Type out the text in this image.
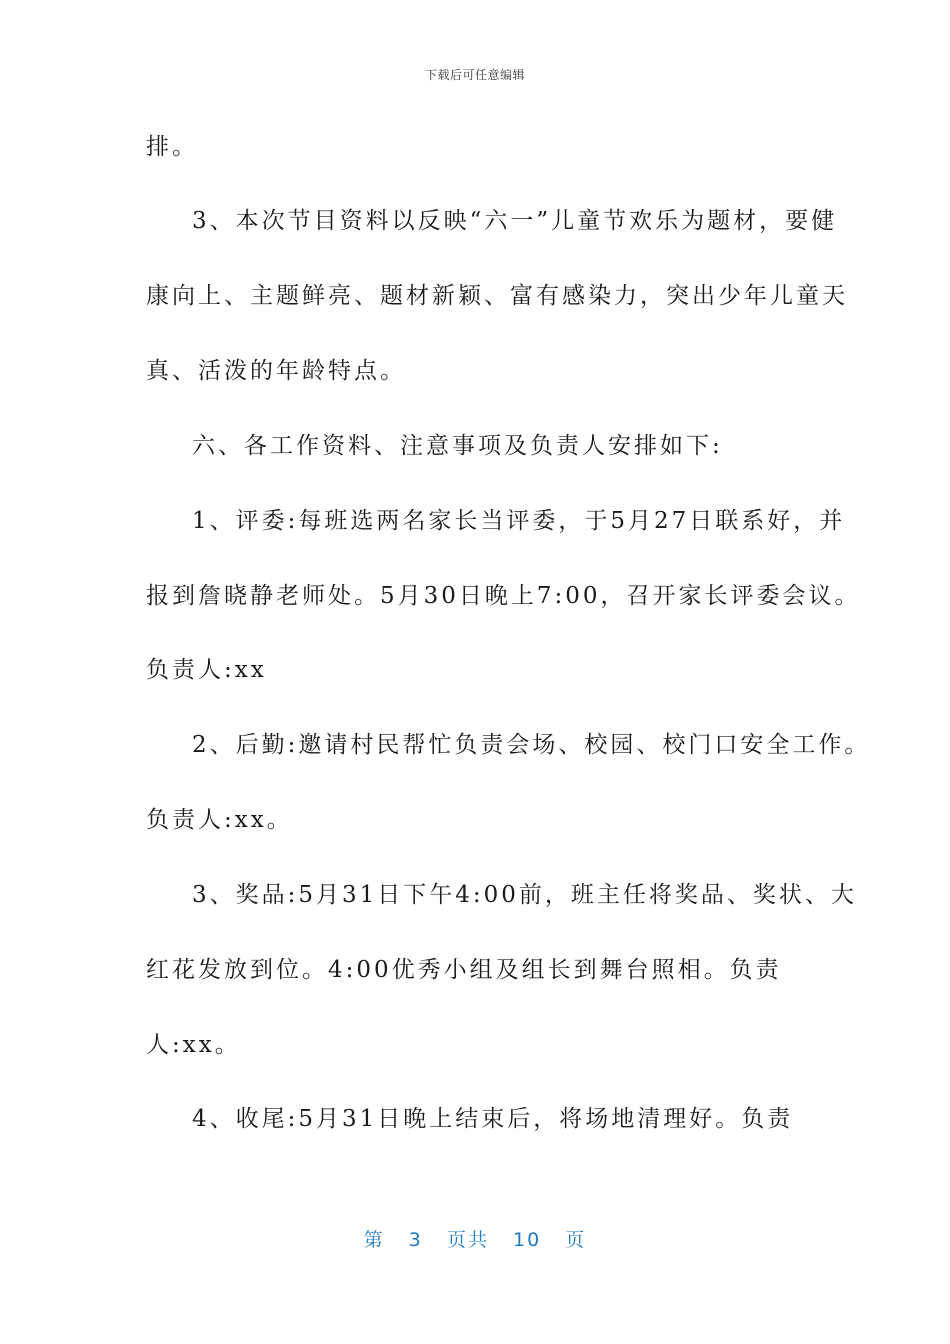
下载后可任意编辑
排。
3、本次节目资料以反映“六一”儿童节欢乐为题材，要健
康向上、主题鲜亮、题材新颖、富有感染力，突出少年儿童天
真、活泼的年龄特点。
六、各工作资料、注意事项及负责人安排如下:
1、评委:每班选两名家长当评委，于5月27日联系好，并
报到詹晓静老师处。5月30日晚上7:00，召开家长评委会议。
负责人:xx
2、后勤:邀请村民帮忙负责会场、校园、校门口安全工作。
负责人:xx。
3、奖品:5月31日下午4:00前，班主任将奖品、奖状、大
红花发放到位。4:00优秀小组及组长到舞台照相。负责
人:xx。
4、收尾:5月31日晚上结束后，将场地清理好。负责
第 3 页共 10 页
